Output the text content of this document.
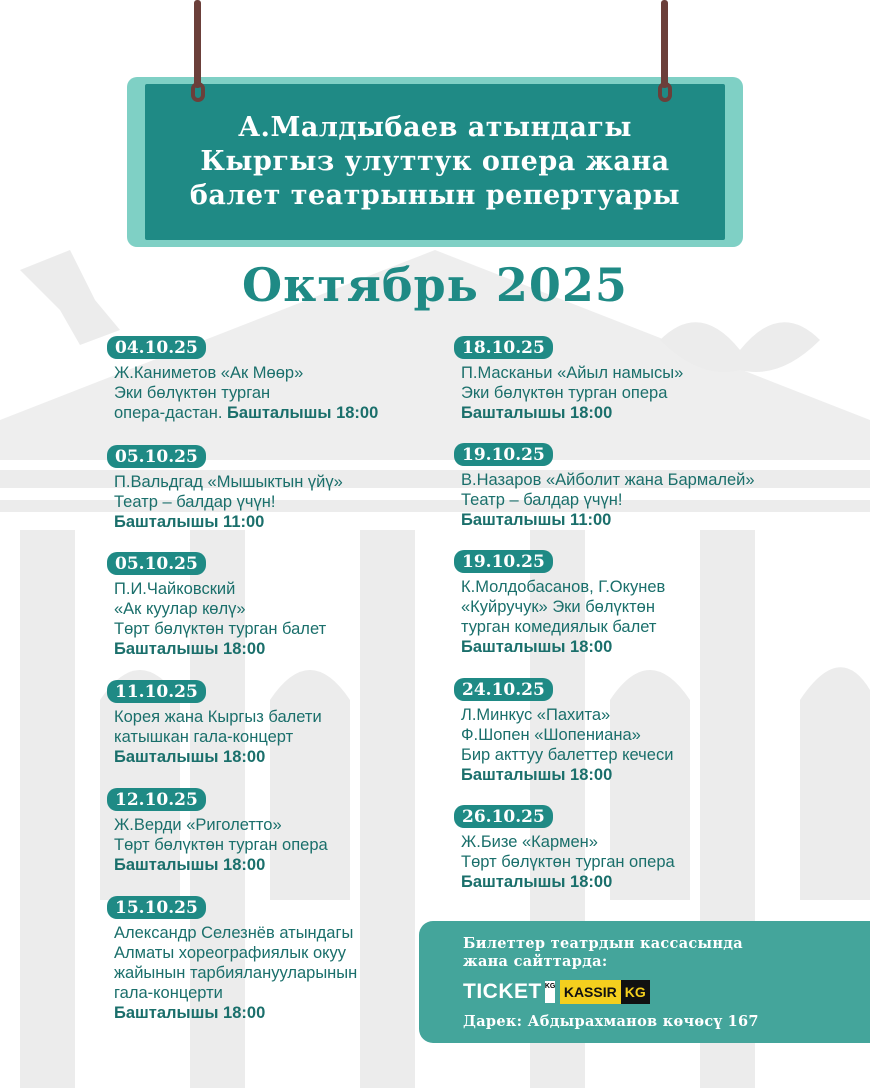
А.Малдыбаев атындагы
Кыргыз улуттук опера жана
балет театрынын репертуары
Октябрь 2025
04.10.25
Ж.Каниметов «Ак Мөөр»
Эки бөлүктөн турган
опера-дастан. Башталышы 18:00
05.10.25
П.Вальдгад «Мышыктын үйү»
Театр – балдар үчүн!
Башталышы 11:00
05.10.25
П.И.Чайковский
«Ак куулар көлү»
Төрт бөлүктөн турган балет
Башталышы 18:00
11.10.25
Корея жана Кыргыз балети
катышкан гала-концерт
Башталышы 18:00
12.10.25
Ж.Верди «Риголетто»
Төрт бөлүктөн турган опера
Башталышы 18:00
15.10.25
Александр Селезнёв атындагы
Алматы хореографиялык окуу
жайынын тарбияланууларынын
гала-концерти
Башталышы 18:00
18.10.25
П.Масканьи «Айыл намысы»
Эки бөлүктөн турган опера
Башталышы 18:00
19.10.25
В.Назаров «Айболит жана Бармалей»
Театр – балдар үчүн!
Башталышы 11:00
19.10.25
К.Молдобасанов, Г.Окунев
«Куйручук» Эки бөлүктөн
турган комедиялык балет
Башталышы 18:00
24.10.25
Л.Минкус «Пахита»
Ф.Шопен «Шопениана»
Бир акттуу балеттер кечеси
Башталышы 18:00
26.10.25
Ж.Бизе «Кармен»
Төрт бөлүктөн турган опера
Башталышы 18:00
Билеттер театрдын кассасында
жана сайттарда:
TICKET KG KASSIR KG
Дарек: Абдырахманов көчөсү 167
